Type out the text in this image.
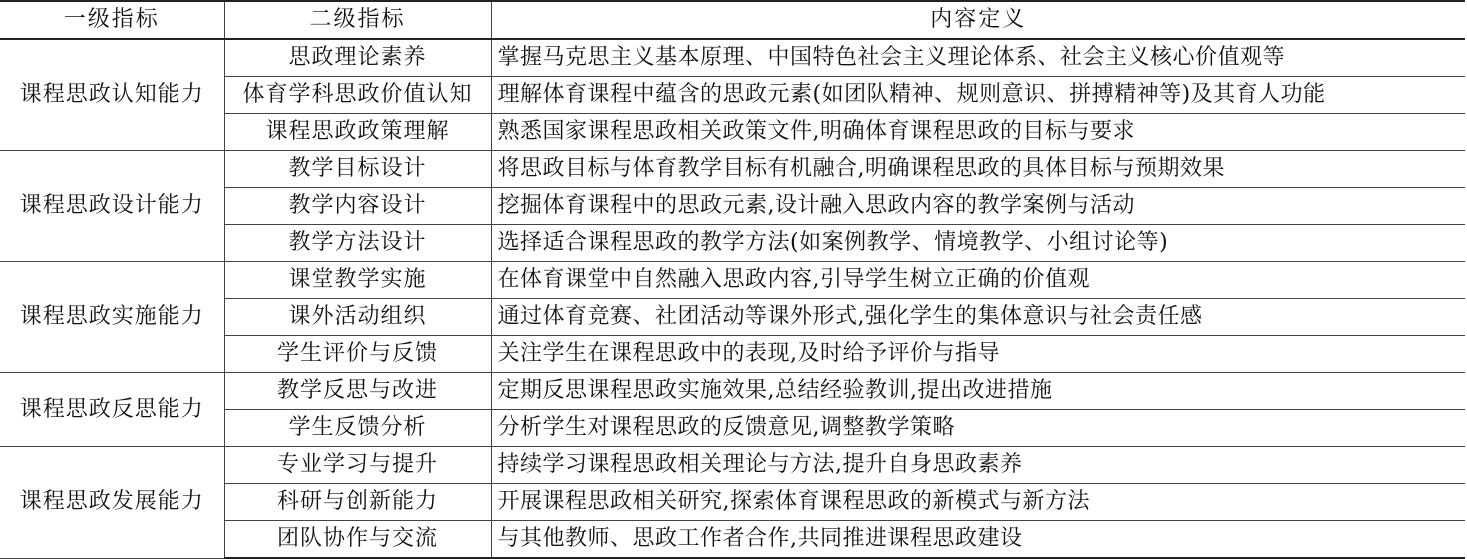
一级指标	二级指标	内容定义
课程思政认知能力	思政理论素养	掌握马克思主义基本原理、中国特色社会主义理论体系、社会主义核心价值观等
	体育学科思政价值认知	理解体育课程中蕴含的思政元素(如团队精神、规则意识、拼搏精神等)及其育人功能
	课程思政政策理解	熟悉国家课程思政相关政策文件,明确体育课程思政的目标与要求
课程思政设计能力	教学目标设计	将思政目标与体育教学目标有机融合,明确课程思政的具体目标与预期效果
	教学内容设计	挖掘体育课程中的思政元素,设计融入思政内容的教学案例与活动
	教学方法设计	选择适合课程思政的教学方法(如案例教学、情境教学、小组讨论等)
课程思政实施能力	课堂教学实施	在体育课堂中自然融入思政内容,引导学生树立正确的价值观
	课外活动组织	通过体育竞赛、社团活动等课外形式,强化学生的集体意识与社会责任感
	学生评价与反馈	关注学生在课程思政中的表现,及时给予评价与指导
课程思政反思能力	教学反思与改进	定期反思课程思政实施效果,总结经验教训,提出改进措施
	学生反馈分析	分析学生对课程思政的反馈意见,调整教学策略
课程思政发展能力	专业学习与提升	持续学习课程思政相关理论与方法,提升自身思政素养
	科研与创新能力	开展课程思政相关研究,探索体育课程思政的新模式与新方法
	团队协作与交流	与其他教师、思政工作者合作,共同推进课程思政建设
